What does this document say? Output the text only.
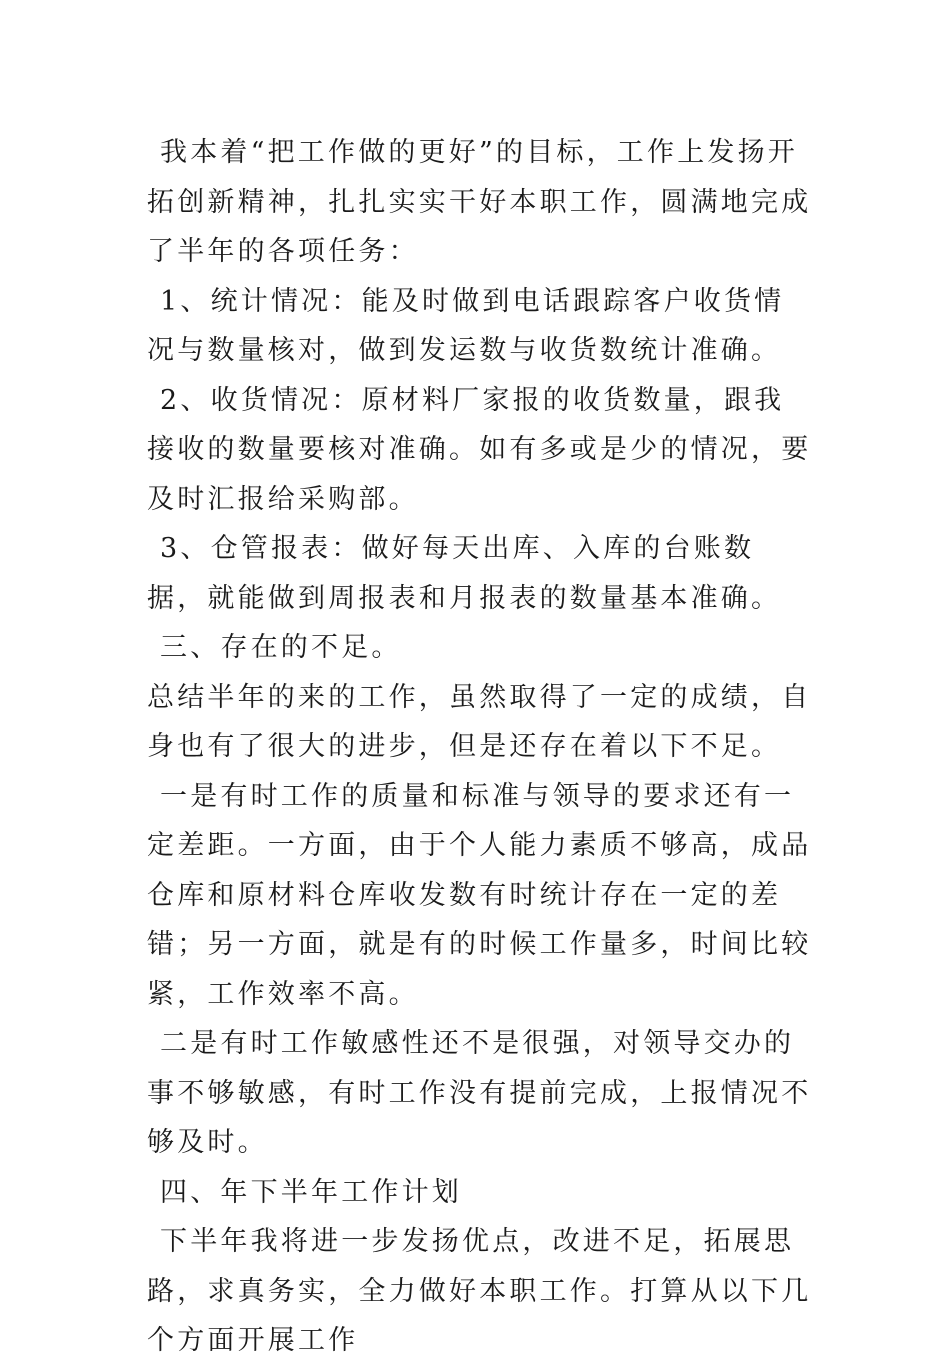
我本着“把工作做的更好”的目标，工作上发扬开拓创新精神，扎扎实实干好本职工作，圆满地完成了半年的各项任务：

1、统计情况：能及时做到电话跟踪客户收货情况与数量核对，做到发运数与收货数统计准确。

2、收货情况：原材料厂家报的收货数量，跟我接收的数量要核对准确。如有多或是少的情况，要及时汇报给采购部。

3、仓管报表：做好每天出库、入库的台账数据，就能做到周报表和月报表的数量基本准确。

三、存在的不足。

总结半年的来的工作，虽然取得了一定的成绩，自身也有了很大的进步，但是还存在着以下不足。

一是有时工作的质量和标准与领导的要求还有一定差距。一方面，由于个人能力素质不够高，成品仓库和原材料仓库收发数有时统计存在一定的差错；另一方面，就是有的时候工作量多，时间比较紧，工作效率不高。

二是有时工作敏感性还不是很强，对领导交办的事不够敏感，有时工作没有提前完成，上报情况不够及时。

四、年下半年工作计划

下半年我将进一步发扬优点，改进不足，拓展思路，求真务实，全力做好本职工作。打算从以下几个方面开展工作
